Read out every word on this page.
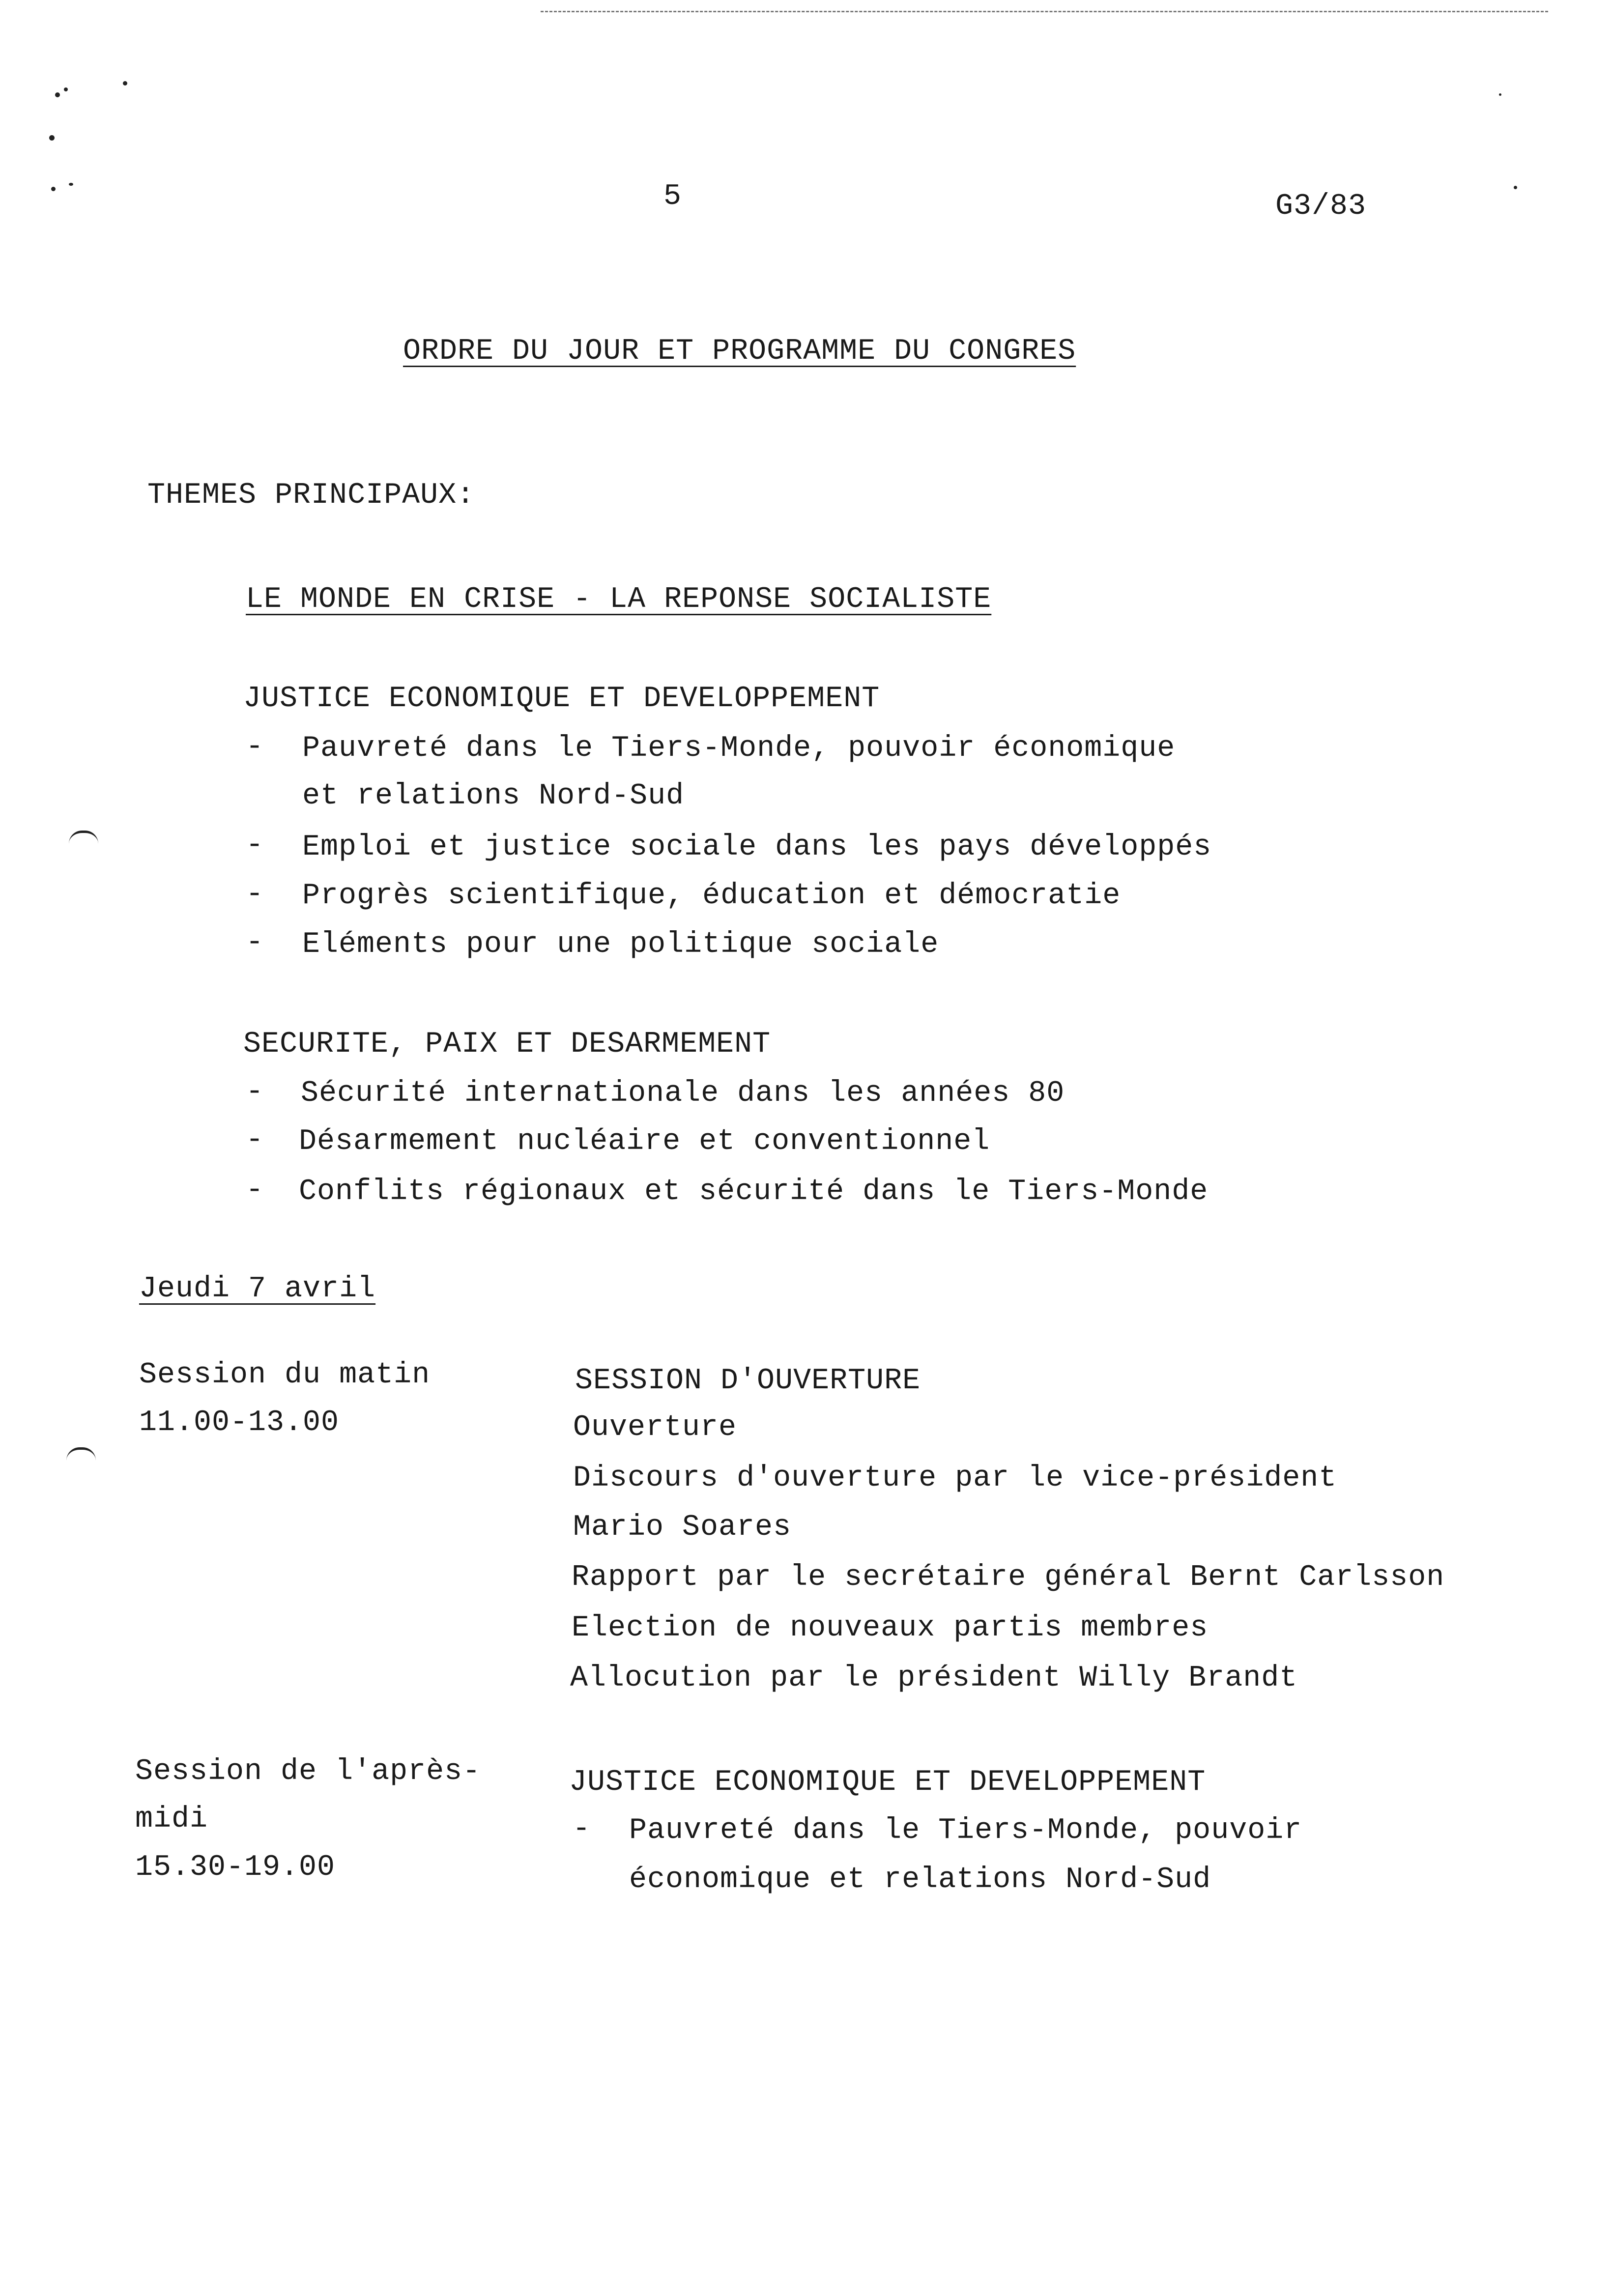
5	G3/83
ORDRE DU JOUR ET PROGRAMME DU CONGRES
THEMES PRINCIPAUX:
LE MONDE EN CRISE - LA REPONSE SOCIALISTE
JUSTICE ECONOMIQUE ET DEVELOPPEMENT
- Pauvreté dans le Tiers-Monde, pouvoir économique
et relations Nord-Sud
- Emploi et justice sociale dans les pays développés
- Progrès scientifique, éducation et démocratie
- Eléments pour une politique sociale
SECURITE, PAIX ET DESARMEMENT
- Sécurité internationale dans les années 80
- Désarmement nucléaire et conventionnel
- Conflits régionaux et sécurité dans le Tiers-Monde
Jeudi 7 avril
Session du matin
11.00-13.00
SESSION D'OUVERTURE
Ouverture
Discours d'ouverture par le vice-président
Mario Soares
Rapport par le secrétaire général Bernt Carlsson
Election de nouveaux partis membres
Allocution par le président Willy Brandt
Session de l'après-
midi
15.30-19.00
JUSTICE ECONOMIQUE ET DEVELOPPEMENT
- Pauvreté dans le Tiers-Monde, pouvoir
économique et relations Nord-Sud
